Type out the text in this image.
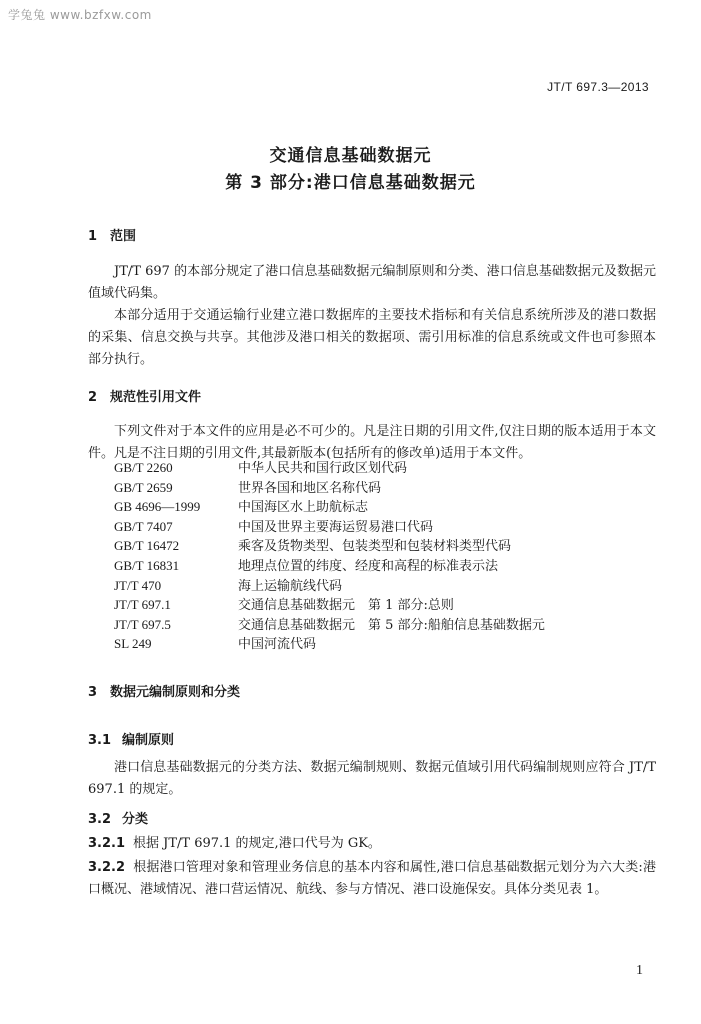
学兔兔 www.bzfxw.com
JT/T 697.3—2013
交通信息基础数据元
第 3 部分:港口信息基础数据元
1 范围

JT/T 697 的本部分规定了港口信息基础数据元编制原则和分类、港口信息基础数据元及数据元值域代码集。

本部分适用于交通运输行业建立港口数据库的主要技术指标和有关信息系统所涉及的港口数据的采集、信息交换与共享。其他涉及港口相关的数据项、需引用标准的信息系统或文件也可参照本部分执行。

2 规范性引用文件

下列文件对于本文件的应用是必不可少的。凡是注日期的引用文件,仅注日期的版本适用于本文件。凡是不注日期的引用文件,其最新版本(包括所有的修改单)适用于本文件。

GB/T 2260	中华人民共和国行政区划代码
GB/T 2659	世界各国和地区名称代码
GB 4696—1999	中国海区水上助航标志
GB/T 7407	中国及世界主要海运贸易港口代码
GB/T 16472	乘客及货物类型、包装类型和包装材料类型代码
GB/T 16831	地理点位置的纬度、经度和高程的标准表示法
JT/T 470	海上运输航线代码
JT/T 697.1	交通信息基础数据元　第 1 部分:总则
JT/T 697.5	交通信息基础数据元　第 5 部分:船舶信息基础数据元
SL 249	中国河流代码
3 数据元编制原则和分类
3.1 编制原则

港口信息基础数据元的分类方法、数据元编制规则、数据元值域引用代码编制规则应符合 JT/T 697.1 的规定。

3.2 分类

3.2.1 根据 JT/T 697.1 的规定,港口代号为 GK。

3.2.2 根据港口管理对象和管理业务信息的基本内容和属性,港口信息基础数据元划分为六大类:港口概况、港域情况、港口营运情况、航线、参与方情况、港口设施保安。具体分类见表 1。

1
